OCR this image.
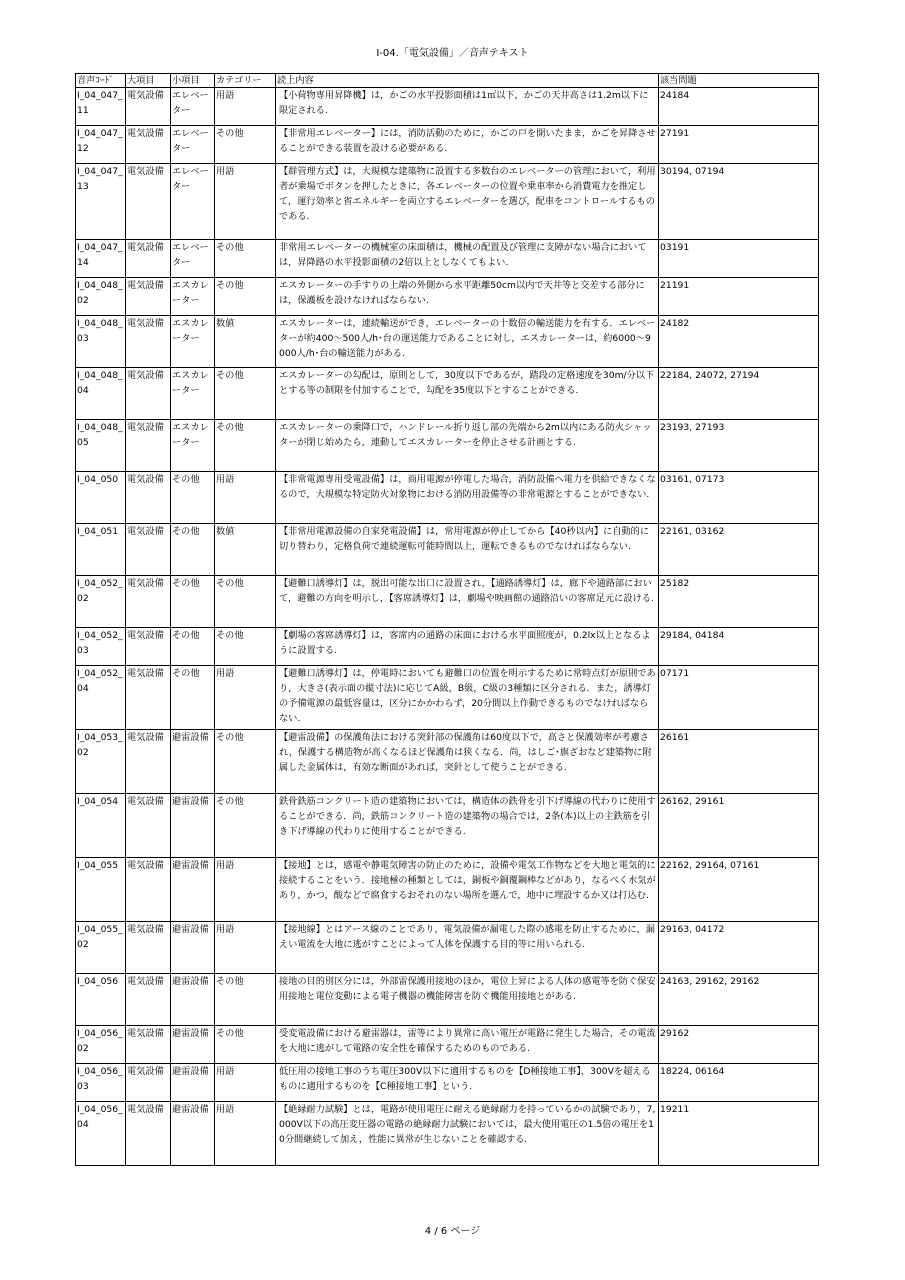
Ⅰ-04.「電気設備」／音声テキスト
音声ｺｰﾄﾞ	大項目	小項目	カテゴリー	読上内容	該当問題
Ⅰ_04_047_11	電気設備	エレベーター	用語	【小荷物専用昇降機】は，かごの水平投影面積は1㎡以下，かごの天井高さは1.2m以下に限定される.	24184
Ⅰ_04_047_12	電気設備	エレベーター	その他	【非常用エレベーター】には，消防活動のために，かごの戸を開いたまま，かごを昇降させることができる装置を設ける必要がある.	27191
Ⅰ_04_047_13	電気設備	エレベーター	用語	【群管理方式】は，大規模な建築物に設置する多数台のエレベーターの管理において，利用者が乗場でボタンを押したときに，各エレベーターの位置や乗車率から消費電力を推定して，運行効率と省エネルギーを両立するエレベーターを選び，配車をコントロールするものである.	30194, 07194
Ⅰ_04_047_14	電気設備	エレベーター	その他	非常用エレベーターの機械室の床面積は，機械の配置及び管理に支障がない場合においては，昇降路の水平投影面積の2倍以上としなくてもよい.	03191
Ⅰ_04_048_02	電気設備	エスカレーター	その他	エスカレーターの手すりの上端の外側から水平距離50cm以内で天井等と交差する部分には，保護板を設けなければならない.	21191
Ⅰ_04_048_03	電気設備	エスカレーター	数値	エスカレーターは，連続輸送ができ，エレベーターの十数倍の輸送能力を有する．エレベーターが約400～500人/h･台の運送能力であることに対し，エスカレーターは，約6000～9000人/h･台の輸送能力がある.	24182
Ⅰ_04_048_04	電気設備	エスカレーター	その他	エスカレーターの勾配は，原則として，30度以下であるが，踏段の定格速度を30m/分以下とする等の制限を付加することで，勾配を35度以下とすることができる.	22184, 24072, 27194
Ⅰ_04_048_05	電気設備	エスカレーター	その他	エスカレーターの乗降口で，ハンドレール折り返し部の先端から2m以内にある防火シャッターが閉じ始めたら，連動してエスカレーターを停止させる計画とする.	23193, 27193
Ⅰ_04_050	電気設備	その他	用語	【非常電源専用受電設備】は，商用電源が停電した場合，消防設備へ電力を供給できなくなるので，大規模な特定防火対象物における消防用設備等の非常電源とすることができない.	03161, 07173
Ⅰ_04_051	電気設備	その他	数値	【非常用電源設備の自家発電設備】は，常用電源が停止してから【40秒以内】に自動的に切り替わり，定格負荷で連続運転可能時間以上，運転できるものでなければならない.	22161, 03162
Ⅰ_04_052_02	電気設備	その他	その他	【避難口誘導灯】は，脱出可能な出口に設置され，【通路誘導灯】は，廊下や通路部において，避難の方向を明示し，【客席誘導灯】は，劇場や映画館の通路沿いの客席足元に設ける.	25182
Ⅰ_04_052_03	電気設備	その他	その他	【劇場の客席誘導灯】は，客席内の通路の床面における水平面照度が，0.2lx以上となるように設置する.	29184, 04184
Ⅰ_04_052_04	電気設備	その他	用語	【避難口誘導灯】は，停電時においても避難口の位置を明示するために常時点灯が原則であり，大きさ(表示面の縦寸法)に応じてA級，B級，C級の3種類に区分される．また，誘導灯の予備電源の最低容量は，区分にかかわらず，20分間以上作動できるものでなければならない.	07171
Ⅰ_04_053_02	電気設備	避雷設備	その他	【避雷設備】の保護角法における突針部の保護角は60度以下で，高さと保護効率が考慮され，保護する構造物が高くなるほど保護角は狭くなる．尚，はしご･旗ざおなど建築物に附属した金属体は，有効な断面があれば，突針として使うことができる.	26161
Ⅰ_04_054	電気設備	避雷設備	その他	鉄骨鉄筋コンクリート造の建築物においては，構造体の鉄骨を引下げ導線の代わりに使用することができる．尚，鉄筋コンクリート造の建築物の場合では，2条(本)以上の主鉄筋を引き下げ導線の代わりに使用することができる.	26162, 29161
Ⅰ_04_055	電気設備	避雷設備	用語	【接地】とは，感電や静電気障害の防止のために，設備や電気工作物などを大地と電気的に接続することをいう．接地極の種類としては，銅板や銅覆鋼棒などがあり，なるべく水気があり，かつ，酸などで腐食するおそれのない場所を選んで，地中に埋設するか又は打込む.	22162, 29164, 07161
Ⅰ_04_055_02	電気設備	避雷設備	用語	【接地線】とはアース線のことであり，電気設備が漏電した際の感電を防止するために，漏えい電流を大地に逃がすことによって人体を保護する目的等に用いられる.	29163, 04172
Ⅰ_04_056	電気設備	避雷設備	その他	接地の目的別区分には，外部雷保護用接地のほか，電位上昇による人体の感電等を防ぐ保安用接地と電位変動による電子機器の機能障害を防ぐ機能用接地とがある.	24163, 29162, 29162
Ⅰ_04_056_02	電気設備	避雷設備	その他	受変電設備における避雷器は，雷等により異常に高い電圧が電路に発生した場合，その電流を大地に逃がして電路の安全性を確保するためのものである.	29162
Ⅰ_04_056_03	電気設備	避雷設備	用語	低圧用の接地工事のうち電圧300V以下に適用するものを【D種接地工事】，300Vを超えるものに適用するものを【C種接地工事】という.	18224, 06164
Ⅰ_04_056_04	電気設備	避雷設備	用語	【絶縁耐力試験】とは，電路が使用電圧に耐える絶縁耐力を持っているかの試験であり，7,000V以下の高圧変圧器の電路の絶縁耐力試験においては，最大使用電圧の1.5倍の電圧を10分間継続して加え，性能に異常が生じないことを確認する.	19211
4 / 6 ページ
